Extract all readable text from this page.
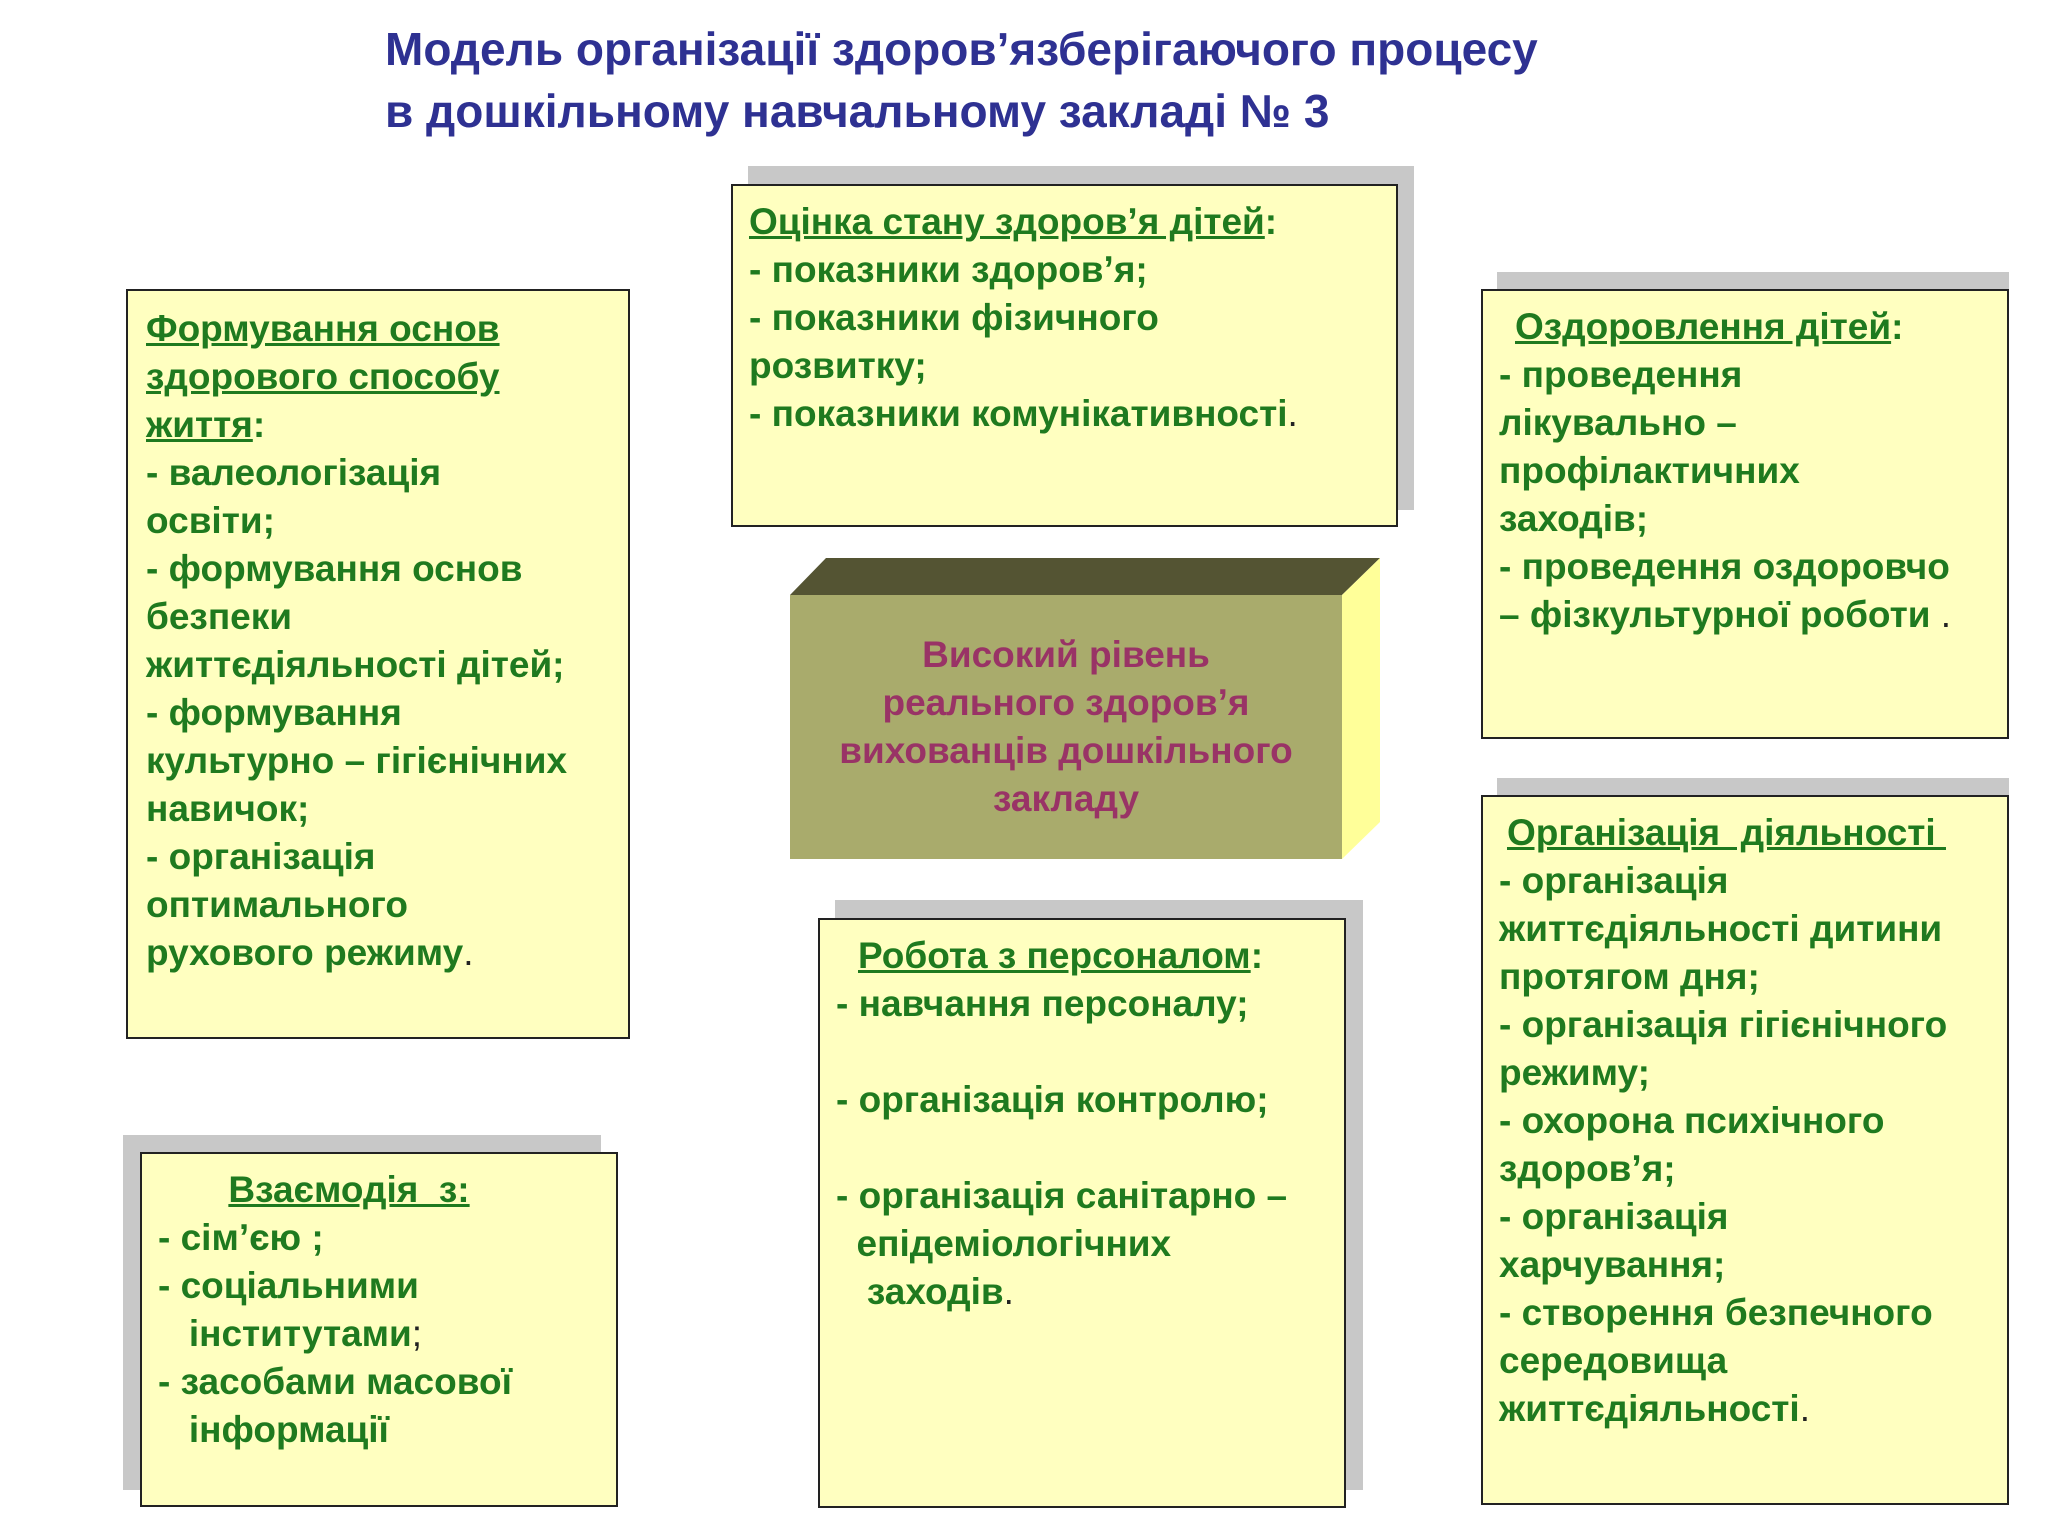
Модель організації здоров’язберігаючого процесу
в дошкільному навчальному закладі № 3
Оцінка стану здоров’я дітей:
- показники здоров’я;
- показники фізичного
розвитку;
- показники комунікативності.
Формування основ
здорового способу
життя:
- валеологізація
освіти;
- формування основ
безпеки
життєдіяльності дітей;
- формування
культурно – гігієнічних
навичок;
- організація
оптимального
рухового режиму.
Оздоровлення дітей:
- проведення
лікувально –
профілактичних
заходів;
- проведення оздоровчо
– фізкультурної роботи .
Високий рівень
реального здоров’я
вихованців дошкільного
закладу
Організація  діяльності
- організація
життєдіяльності дитини
протягом дня;
- організація гігієнічного
режиму;
- охорона психічного
здоров’я;
- організація
харчування;
- створення безпечного
середовища
життєдіяльності.
Робота з персоналом:
- навчання персоналу;
- організація контролю;
- організація санітарно –
епідеміологічних
заходів.
Взаємодія  з:
- сім’єю ;
- соціальними
інститутами;
- засобами масової
інформації
